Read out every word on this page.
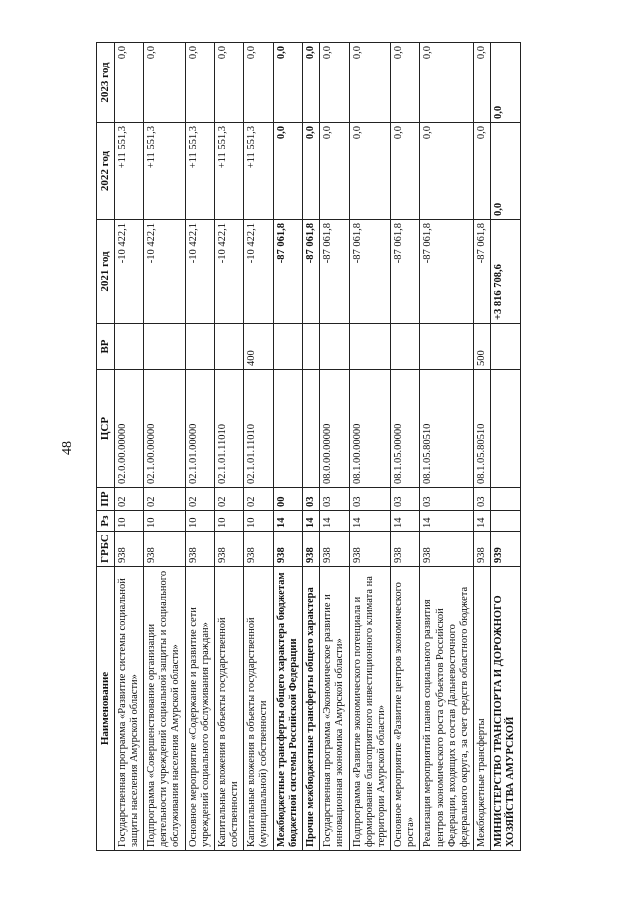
48
Наименование	ГРБС	Рз	ПР	ЦСР	ВР	2021 год	2022 год	2023 год
Государственная программа «Развитие системы социальной защиты населения Амурской области»	938	10	02	02.0.00.00000		-10 422,1	+11 551,3	0,0
Подпрограмма «Совершенствование организации деятельности учреждений социальной защиты и социального обслуживания населения Амурской области»	938	10	02	02.1.00.00000		-10 422,1	+11 551,3	0,0
Основное мероприятие «Содержание и развитие сети учреждений социального обслуживания граждан»	938	10	02	02.1.01.00000		-10 422,1	+11 551,3	0,0
Капитальные вложения в объекты государственной собственности	938	10	02	02.1.01.11010		-10 422,1	+11 551,3	0,0
Капитальные вложения в объекты государственной (муниципальной) собственности	938	10	02	02.1.01.11010	400	-10 422,1	+11 551,3	0,0
Межбюджетные трансферты общего характера бюджетам бюджетной системы Российской Федерации	938	14	00			-87 061,8	0,0	0,0
Прочие межбюджетные трансферты общего характера	938	14	03			-87 061,8	0,0	0,0
Государственная программа «Экономическое развитие и инновационная экономика Амурской области»	938	14	03	08.0.00.00000		-87 061,8	0,0	0,0
Подпрограмма «Развитие экономического потенциала и формирование благоприятного инвестиционного климата на территории Амурской области»	938	14	03	08.1.00.00000		-87 061,8	0,0	0,0
Основное мероприятие «Развитие центров экономического роста»	938	14	03	08.1.05.00000		-87 061,8	0,0	0,0
Реализация мероприятий планов социального развития центров экономического роста субъектов Российской Федерации, входящих в состав Дальневосточного федерального округа, за счет средств областного бюджета	938	14	03	08.1.05.80510		-87 061,8	0,0	0,0
Межбюджетные трансферты	938	14	03	08.1.05.80510	500	-87 061,8	0,0	0,0
МИНИСТЕРСТВО ТРАНСПОРТА И ДОРОЖНОГО ХОЗЯЙСТВА АМУРСКОЙ	939					+3 816 708,6	0,0	0,0
